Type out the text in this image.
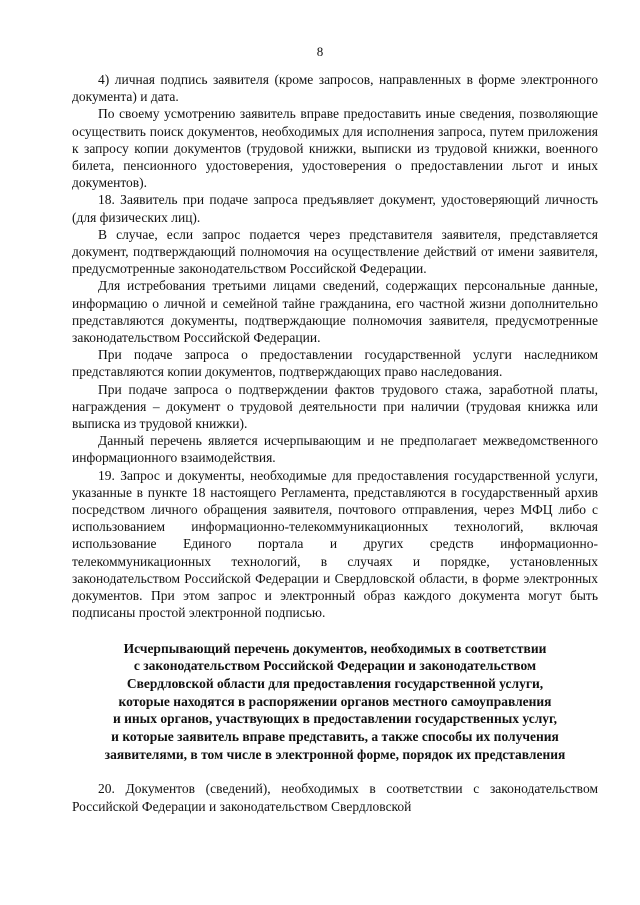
8

4) личная подпись заявителя (кроме запросов, направленных в форме электронного документа) и дата.

По своему усмотрению заявитель вправе предоставить иные сведения, позволяющие осуществить поиск документов, необходимых для исполнения запроса, путем приложения к запросу копии документов (трудовой книжки, выписки из трудовой книжки, военного билета, пенсионного удостоверения, удостоверения о предоставлении льгот и иных документов).

18. Заявитель при подаче запроса предъявляет документ, удостоверяющий личность (для физических лиц).

В случае, если запрос подается через представителя заявителя, представляется документ, подтверждающий полномочия на осуществление действий от имени заявителя, предусмотренные законодательством Российской Федерации.

Для истребования третьими лицами сведений, содержащих персональные данные, информацию о личной и семейной тайне гражданина, его частной жизни дополнительно представляются документы, подтверждающие полномочия заявителя, предусмотренные законодательством Российской Федерации.

При подаче запроса о предоставлении государственной услуги наследником представляются копии документов, подтверждающих право наследования.

При подаче запроса о подтверждении фактов трудового стажа, заработной платы, награждения – документ о трудовой деятельности при наличии (трудовая книжка или выписка из трудовой книжки).

Данный перечень является исчерпывающим и не предполагает межведомственного информационного взаимодействия.

19. Запрос и документы, необходимые для предоставления государственной услуги, указанные в пункте 18 настоящего Регламента, представляются в государственный архив посредством личного обращения заявителя, почтового отправления, через МФЦ либо с использованием информационно-телекоммуникационных технологий, включая использование Единого портала и других средств информационно-телекоммуникационных технологий, в случаях и порядке, установленных законодательством Российской Федерации и Свердловской области, в форме электронных документов. При этом запрос и электронный образ каждого документа могут быть подписаны простой электронной подписью.

Исчерпывающий перечень документов, необходимых в соответствии
с законодательством Российской Федерации и законодательством
Свердловской области для предоставления государственной услуги,
которые находятся в распоряжении органов местного самоуправления
и иных органов, участвующих в предоставлении государственных услуг,
и которые заявитель вправе представить, а также способы их получения
заявителями, в том числе в электронной форме, порядок их представления

20. Документов (сведений), необходимых в соответствии с законодательством Российской Федерации и законодательством Свердловской
